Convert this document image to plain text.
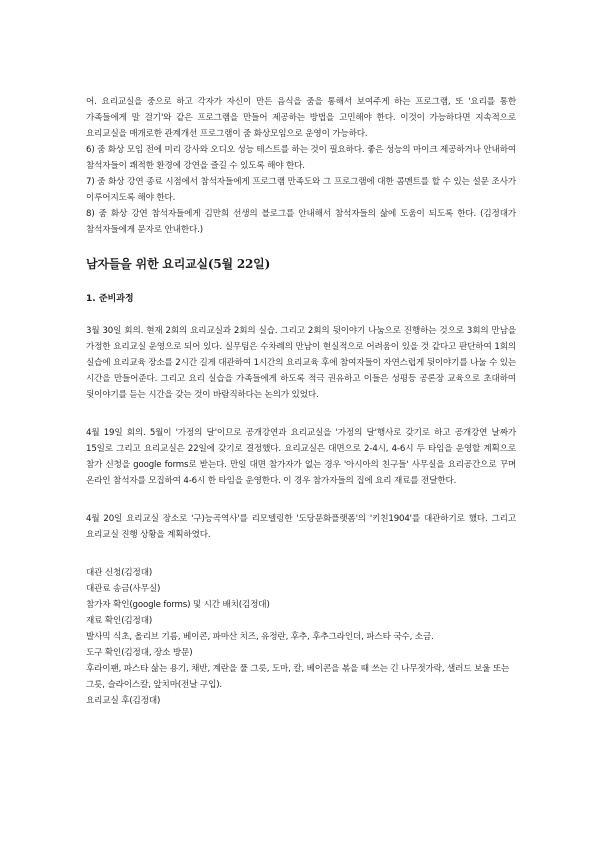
어. 요리교실을 중으로 하고 각자가 자신이 만든 음식을 줌을 통해서 보여주게 하는 프로그램, 또 '요리를 통한 가족들에게 말 걸기'와 같은 프로그램을 만들어 제공하는 방법을 고민해야 한다. 이것이 가능하다면 지속적으로 요리교실을 매개로한 관계개선 프로그램이 줌 화상모임으로 운영이 가능하다.

6) 줌 화상 모임 전에 미리 강사와 오디오 성능 테스트를 하는 것이 필요하다. 좋은 성능의 마이크 제공하거나 안내하여 참석자들이 쾌적한 환경에 강연을 즐길 수 있도록 해야 한다.

7) 줌 화상 강연 종료 시점에서 참석자들에게 프로그램 만족도와 그 프로그램에 대한 콤멘트를 할 수 있는 설문 조사가 이루어지도록 해야 한다.

8) 줌 화상 강연 참석자들에게 김만희 선생의 블로그를 안내해서 참석자들의 삶에 도움이 되도록 한다. (김정대가 참석자들에게 문자로 안내한다.)

남자들을 위한 요리교실(5월 22일)
1. 준비과정

3월 30일 회의. 현재 2회의 요리교실과 2회의 실습. 그리고 2회의 뒷이야기 나눔으로 진행하는 것으로 3회의 만남을 가정한 요리교실 운영으로 되어 있다. 실무팀은 수차례의 만남이 현실적으로 어려움이 있을 것 같다고 판단하여 1회의 실습에 요리교육 장소를 2시간 길게 대관하여 1시간의 요리교육 후에 참여자들이 자연스럽게 뒷이야기를 나눌 수 있는 시간을 만들어준다. 그리고 요리 실습을 가족들에게 하도록 적극 권유하고 이들은 성평등 공론장 교육으로 초대하여 뒷이야기를 듣는 시간을 갖는 것이 바람직하다는 논의가 있었다.

4월 19일 회의. 5월이 '가정의 달'이므로 공개강연과 요리교실을 '가정의 달'행사로 갖기로 하고 공개강연 날짜가 15일로 그리고 요리교실은 22일에 갖기로 결정했다. 요리교실은 대면으로 2-4시, 4-6시 두 타임을 운영할 계획으로 참가 신청을 google forms로 받는다. 만일 대면 참가자가 없는 경우 '아시아의 친구들' 사무실을 요리공간으로 꾸며 온라인 참석자를 모집하여 4-6시 한 타임을 운영한다. 이 경우 참가자들의 집에 요리 재료를 전달한다.

4월 20일 요리교실 장소로 '구)능곡역사'를 리모델링한 '도당문화플랫폼'의 '키친1904'를 대관하기로 했다. 그리고 요리교실 진행 상황을 계획하였다.

대관 신청(김정대)

대관료 송금(사무실)

참가자 확인(google forms) 및 시간 배치(김정대)

재료 확인(김정대)

발사믹 식초, 올리브 기름, 베이콘, 파마산 치즈, 유정란, 후추, 후추그라인더, 파스타 국수, 소금.

도구 확인(김정대, 장소 방문)

후라이팬, 파스타 삶는 용기, 채반, 계란을 풀 그릇, 도마, 칼, 베이콘을 볶을 때 쓰는 긴 나무젓가락, 샐러드 보울 또는 그릇, 슬라이스칼, 앞치마(전날 구입).

요리교실 후(김정대)
